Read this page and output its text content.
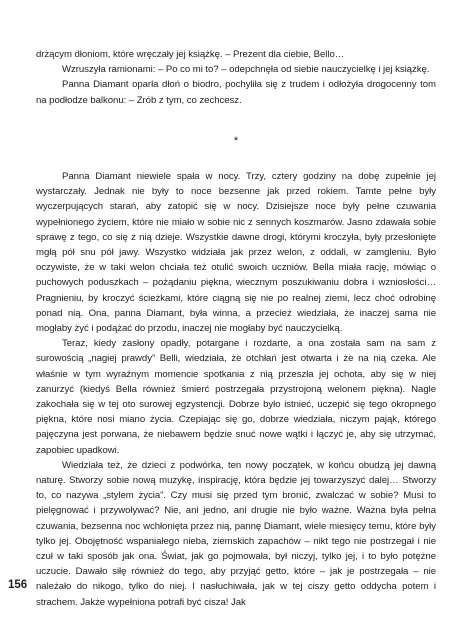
drżącym dłoniom, które wręczały jej książkę. – Prezent dla ciebie, Bello…

Wzruszyła ramionami: – Po co mi to? – odepchnęła od siebie nauczycielkę i jej książkę.

Panna Diamant oparła dłoń o biodro, pochyliła się z trudem i odłożyła drogocenny tom na podłodze balkonu: – Zrób z tym, co zechcesz.

*

Panna Diamant niewiele spała w nocy. Trzy, cztery godziny na dobę zupełnie jej wystarczały. Jednak nie były to noce bezsenne jak przed rokiem. Tamte pełne były wyczerpujących starań, aby zatopić się w nocy. Dzisiejsze noce były pełne czuwania wypełnionego życiem, które nie miało w sobie nic z sennych koszmarów. Jasno zdawała sobie sprawę z tego, co się z nią dzieje. Wszystkie dawne drogi, którymi kroczyła, były przesłonięte mgłą pół snu pół jawy. Wszystko widziała jak przez welon, z oddali, w zamgleniu. Było oczywiste, że w taki welon chciała też otulić swoich uczniów. Bella miała rację, mówiąc o puchowych poduszkach – pożądaniu piękna, wiecznym poszukiwaniu dobra i wzniosłości… Pragnieniu, by kroczyć ścieżkami, które ciągną się nie po realnej ziemi, lecz choć odrobinę ponad nią. Ona, panna Diamant, była winna, a przecież wiedziała, że inaczej sama nie mogłaby żyć i podążać do przodu, inaczej nie mogłaby być nauczycielką.

Teraz, kiedy zasłony opadły, potargane i rozdarte, a ona została sam na sam z surowością „nagiej prawdy” Belli, wiedziała, że otchłań jest otwarta i że na nią czeka. Ale właśnie w tym wyraźnym momencie spotkania z nią przeszła jej ochota, aby się w niej zanurzyć (kiedyś Bella również śmierć postrzegała przystrojoną welonem piękna). Nagle zakochała się w tej oto surowej egzystencji. Dobrze było istnieć, uczepić się tego okropnego piękna, które nosi miano życia. Czepiając się go, dobrze wiedziała, niczym pająk, którego pajęczyna jest porwana, że niebawem będzie snuć nowe wątki i łączyć je, aby się utrzymać, zapobiec upadkowi.

Wiedziała też, że dzieci z podwórka, ten nowy początek, w końcu obudzą jej dawną naturę. Stworzy sobie nową muzykę, inspirację, która będzie jej towarzyszyć dalej… Stworzy to, co nazywa „stylem życia”. Czy musi się przed tym bronić, zwalczać w sobie? Musi to pielęgnować i przywoływać? Nie, ani jedno, ani drugie nie było ważne. Ważna była pełna czuwania, bezsenna noc wchłonięta przez nią, pannę Diamant, wiele miesięcy temu, które były tylko jej. Obojętność wspaniałego nieba, ziemskich zapachów – nikt tego nie postrzegał i nie czuł w taki sposób jak ona. Świat, jak go pojmowała, był niczyj, tylko jej, i to było potężne uczucie. Dawało siłę również do tego, aby przyjąć getto, które – jak je postrzegała – nie należało do nikogo, tylko do niej. I nasłuchiwała, jak w tej ciszy getto oddycha potem i strachem. Jakże wypełniona potrafi być cisza! Jak

156
